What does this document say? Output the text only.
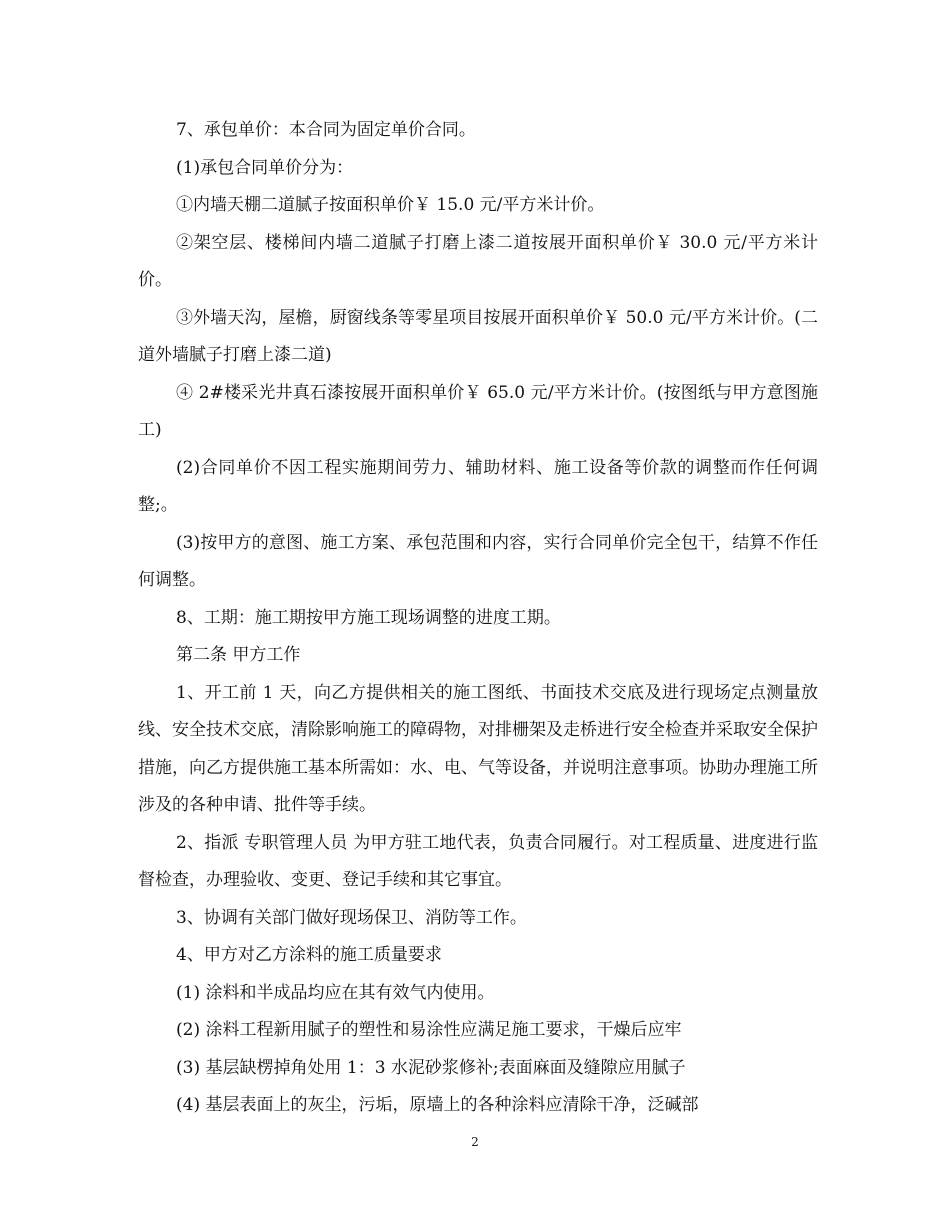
7、承包单价：本合同为固定单价合同。

(1)承包合同单价分为：

①内墙天棚二道腻子按面积单价￥ 15.0 元/平方米计价。

②架空层、楼梯间内墙二道腻子打磨上漆二道按展开面积单价￥ 30.0 元/平方米计价。

③外墙天沟，屋檐，厨窗线条等零星项目按展开面积单价￥ 50.0 元/平方米计价。(二道外墙腻子打磨上漆二道)

④ 2#楼采光井真石漆按展开面积单价￥ 65.0 元/平方米计价。(按图纸与甲方意图施工)

(2)合同单价不因工程实施期间劳力、辅助材料、施工设备等价款的调整而作任何调整;。

(3)按甲方的意图、施工方案、承包范围和内容，实行合同单价完全包干，结算不作任何调整。

8、工期：施工期按甲方施工现场调整的进度工期。

第二条 甲方工作

1、开工前 1 天，向乙方提供相关的施工图纸、书面技术交底及进行现场定点测量放线、安全技术交底，清除影响施工的障碍物，对排栅架及走桥进行安全检查并采取安全保护措施，向乙方提供施工基本所需如：水、电、气等设备，并说明注意事项。协助办理施工所涉及的各种申请、批件等手续。

2、指派 专职管理人员 为甲方驻工地代表，负责合同履行。对工程质量、进度进行监督检查，办理验收、变更、登记手续和其它事宜。

3、协调有关部门做好现场保卫、消防等工作。

4、甲方对乙方涂料的施工质量要求

(1) 涂料和半成品均应在其有效气内使用。

(2) 涂料工程新用腻子的塑性和易涂性应满足施工要求，干燥后应牢

(3) 基层缺楞掉角处用 1：3 水泥砂浆修补;表面麻面及缝隙应用腻子

(4) 基层表面上的灰尘，污垢，原墙上的各种涂料应清除干净，泛碱部

2
